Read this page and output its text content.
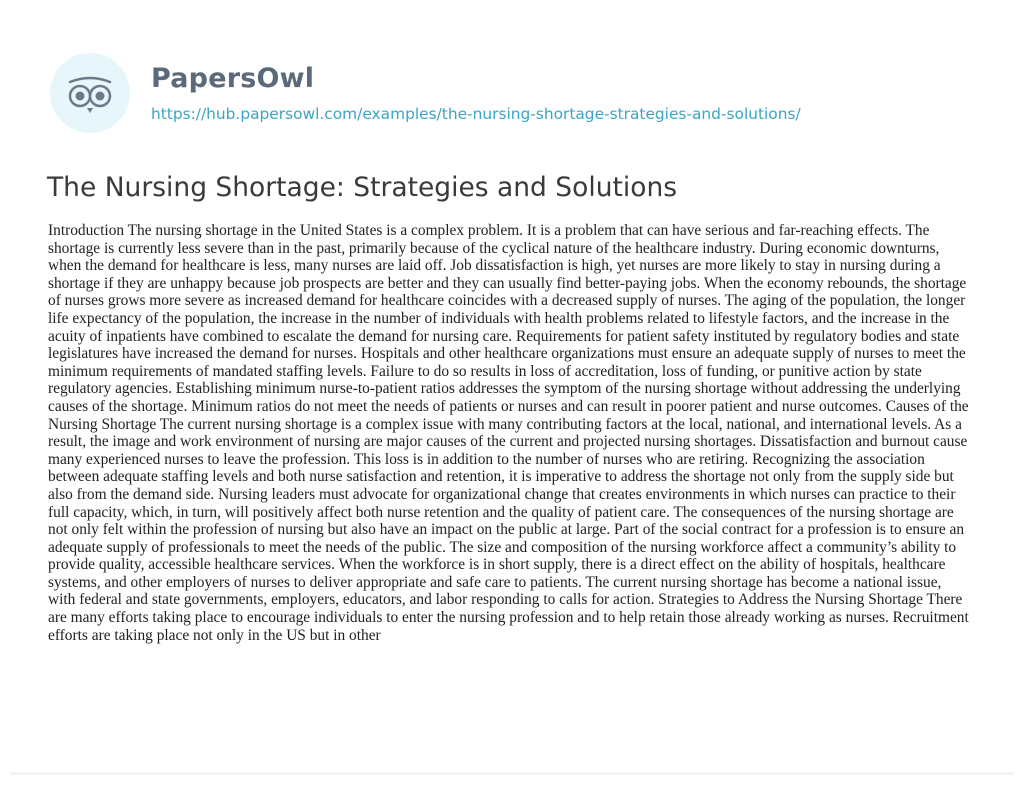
PapersOwl
https://hub.papersowl.com/examples/the-nursing-shortage-strategies-and-solutions/
The Nursing Shortage: Strategies and Solutions

Introduction The nursing shortage in the United States is a complex problem. It is a problem that can have serious and far-reaching effects. The shortage is currently less severe than in the past, primarily because of the cyclical nature of the healthcare industry. During economic downturns, when the demand for healthcare is less, many nurses are laid off. Job dissatisfaction is high, yet nurses are more likely to stay in nursing during a shortage if they are unhappy because job prospects are better and they can usually find better-paying jobs. When the economy rebounds, the shortage of nurses grows more severe as increased demand for healthcare coincides with a decreased supply of nurses. The aging of the population, the longer life expectancy of the population, the increase in the number of individuals with health problems related to lifestyle factors, and the increase in the acuity of inpatients have combined to escalate the demand for nursing care. Requirements for patient safety instituted by regulatory bodies and state legislatures have increased the demand for nurses. Hospitals and other healthcare organizations must ensure an adequate supply of nurses to meet the minimum requirements of mandated staffing levels. Failure to do so results in loss of accreditation, loss of funding, or punitive action by state regulatory agencies. Establishing minimum nurse-to-patient ratios addresses the symptom of the nursing shortage without addressing the underlying causes of the shortage. Minimum ratios do not meet the needs of patients or nurses and can result in poorer patient and nurse outcomes. Causes of the Nursing Shortage The current nursing shortage is a complex issue with many contributing factors at the local, national, and international levels. As a result, the image and work environment of nursing are major causes of the current and projected nursing shortages. Dissatisfaction and burnout cause many experienced nurses to leave the profession. This loss is in addition to the number of nurses who are retiring. Recognizing the association between adequate staffing levels and both nurse satisfaction and retention, it is imperative to address the shortage not only from the supply side but also from the demand side. Nursing leaders must advocate for organizational change that creates environments in which nurses can practice to their full capacity, which, in turn, will positively affect both nurse retention and the quality of patient care. The consequences of the nursing shortage are not only felt within the profession of nursing but also have an impact on the public at large. Part of the social contract for a profession is to ensure an adequate supply of professionals to meet the needs of the public. The size and composition of the nursing workforce affect a community’s ability to provide quality, accessible healthcare services. When the workforce is in short supply, there is a direct effect on the ability of hospitals, healthcare systems, and other employers of nurses to deliver appropriate and safe care to patients. The current nursing shortage has become a national issue, with federal and state governments, employers, educators, and labor responding to calls for action. Strategies to Address the Nursing Shortage There are many efforts taking place to encourage individuals to enter the nursing profession and to help retain those already working as nurses. Recruitment efforts are taking place not only in the US but in other
